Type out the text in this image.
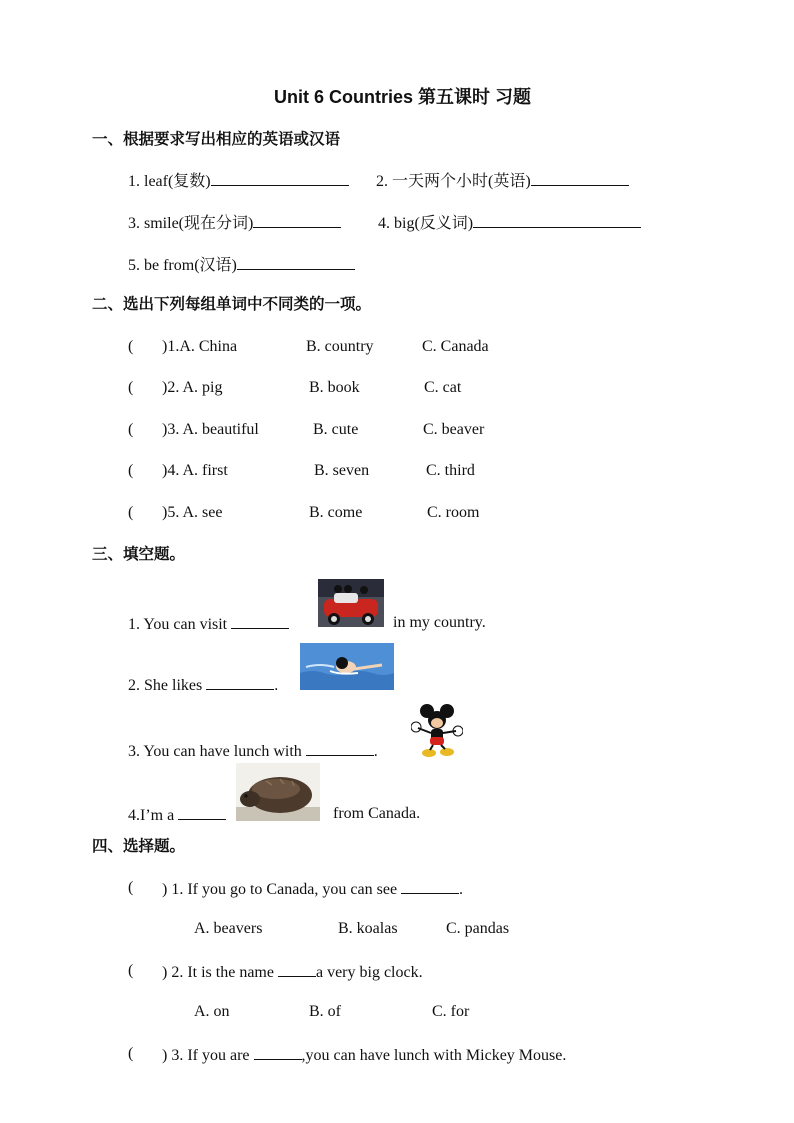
Unit 6 Countries 第五课时 习题
一、根据要求写出相应的英语或汉语
1. leaf(复数)	2. 一天两个小时(英语)
3. smile(现在分词)	4. big(反义词)
5. be from(汉语)
二、选出下列每组单词中不同类的一项。
( )1.A. China	B. country	C. Canada
( )2. A. pig	B. book	C. cat
( )3. A. beautiful	B. cute	C. beaver
( )4. A. first	B. seven	C. third
( )5. A. see	B. come	C. room
三、填空题。
1. You can visit	in my country.
2. She likes	.
3. You can have lunch with	.
4.I’m a	from Canada.
四、选择题。
( ) 1. If you go to Canada, you can see	.
A. beavers	B. koalas	C. pandas
( ) 2. It is the name	a very big clock.
A. on	B. of	C. for
( ) 3. If you are	,you can have lunch with Mickey Mouse.
